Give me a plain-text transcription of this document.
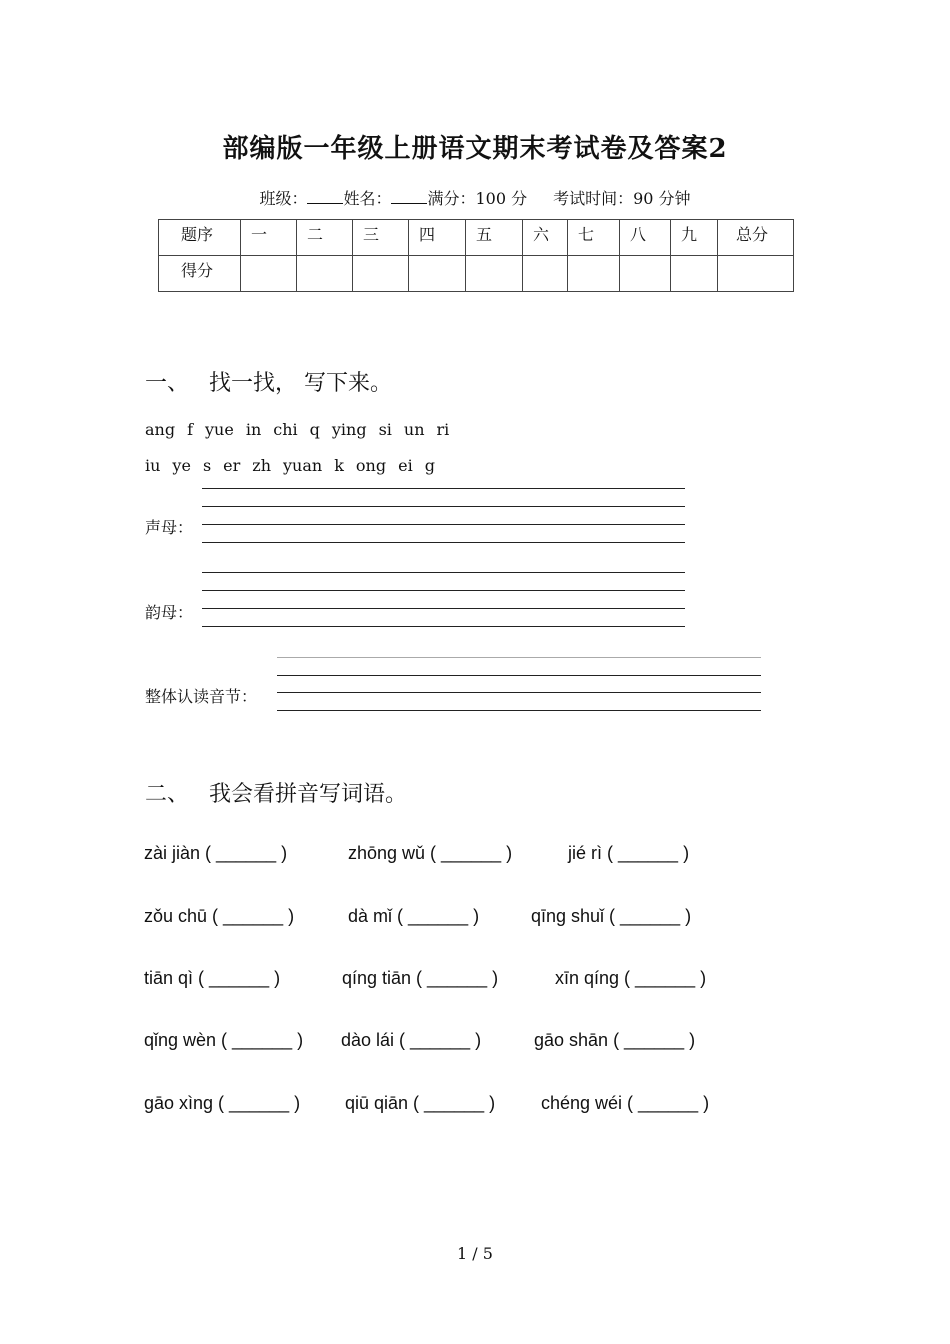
部编版一年级上册语文期末考试卷及答案2
班级： 姓名： 满分：100 分 考试时间：90 分钟
题序	一	二	三	四	五	六	七	八	九	总分
得分										
一、 找一找， 写下来。
ang f yue in chi q ying si un ri
iu ye s er zh yuan k ong ei g
声母：
韵母：
整体认读音节：
二、 我会看拼音写词语。
zài jiàn ( ______ )	zhōng wǔ ( ______ )	jié rì ( ______ )
zǒu chū ( ______ )	dà mǐ ( ______ )	qīng shuǐ ( ______ )
tiān qì ( ______ )	qíng tiān ( ______ )	xīn qíng ( ______ )
qǐng wèn ( ______ ) dào lái ( ______ )	gāo shān ( ______ )
gāo xìng ( ______ ) qiū qiān ( ______ )	chéng wéi ( ______ )
1 / 5
